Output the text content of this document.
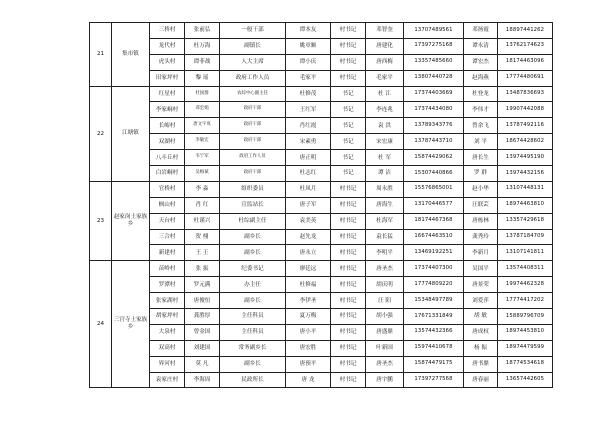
21	集市镇	三桥村	张前弘	一般干部	谭本友	村书记	邓智奎	13707489561	邓扬霞	18897441262
		龙代村	杜万海	副镇长	姚章顺	村书记	唐建化	17397275168	谭永清	13762174623
		虎头村	谭菲战	人大主席	谭小庆	村书记	唐西梅	13357485660	谭宏杰	18174463096
		田家坪村	黎 瑶	政府工作人员	毛家平	村书记	毛家平	13807440728	赵海燕	17774480691
22	江塘镇	红星村	杜国群	农综中心副主任	杜修茂	书记	杜 江	17374403669	杜登龙	13487836693
		李家峒村	邓宏娟	政府干部	王红军	书记	李连兆	17374434080	李伟才	19907442088
		长峪村	唐文宇岚	政府干部	肖红霞	书记	袁 洪	13789343776	曾余飞	13787492116
		双湖村	李敏宏	政府干部	宋素勇	书记	宋宏康	13787443710	刘 平	18674428602
		八斗丘村	韦宁军	政府工作人员	唐正明	书记	杜 军	15874429062	唐长生	13974495190
		白岩峒村	吴梅斌	政府干部	杜志红	书记	谭 洁	15307440866	罗 群	13974432156
23	赵家岗土家族乡	官桥村	李 淼	组织委员	杜凤月	村书记	周永胜	15576865001	赵小华	13107448131
		枫山村	肖 红	宣监站长	唐子军	村书记	唐海生	13170446577	汪联芸	18974463810
		天台村	杜谨兴	杜综副主任	袁美英	村书记	杜海军	18174467368	唐栋林	13357429618
		三合村	贺 栩	副乡长	赵先龙	村书记	袁长猛	16674463510	龚秀玲	13787184709
		新建村	王 王	副乡长	唐永立	村书记	李明平	13469192251	李新月	13107141811
24	三官寺土家族乡	苗岭村	张 振	纪委书记	廖廷远	村书记	唐圣杰	17374407300	吴国平	13574408311
		罗潭村	罗元满	办主任	杜修福	村书记	胡庆明	17774809220	唐景荣	19974462328
		张家湖村	唐俊恒	副乡长	李伊圣	村书记	汪 阳	15348497789	刘爱萍	17774417202
		胡家坪村	龚胜厚	主任科员	夏万梅	村书记	胡小强	17671331849	胡 敏	15889796709
		大泉村	曾金国	主任科员	唐小平	村书记	唐盛鼎	13574432366	唐成权	18974453810
		双高村	刘建国	常务副乡长	唐宏胜	村书记	叶新国	15974410678	杨 振	18974479599
		界河村	莫 凡	副乡长	唐预平	村书记	唐圣杰	15874479175	唐书鼎	18774534618
		袁家庄村	李海周	民政所长	唐 龙	村书记	唐宇鹏	17397277568	唐春丽	13657442605
